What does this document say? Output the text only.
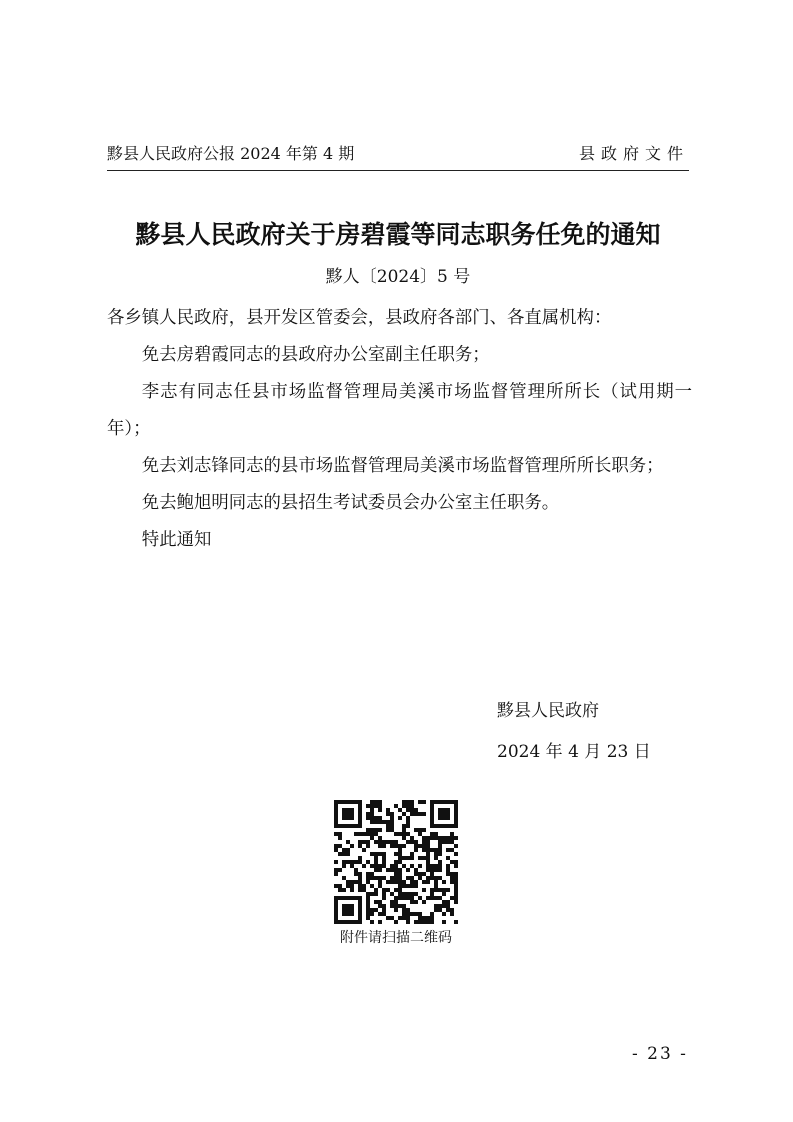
黟县人民政府公报 2024 年第 4 期	县政府文件
黟县人民政府关于房碧霞等同志职务任免的通知
黟人〔2024〕5 号

各乡镇人民政府，县开发区管委会，县政府各部门、各直属机构：

免去房碧霞同志的县政府办公室副主任职务；

李志有同志任县市场监督管理局美溪市场监督管理所所长（试用期一年）；

免去刘志锋同志的县市场监督管理局美溪市场监督管理所所长职务；

免去鲍旭明同志的县招生考试委员会办公室主任职务。

特此通知

黟县人民政府
2024 年 4 月 23 日
附件请扫描二维码
- 23 -
